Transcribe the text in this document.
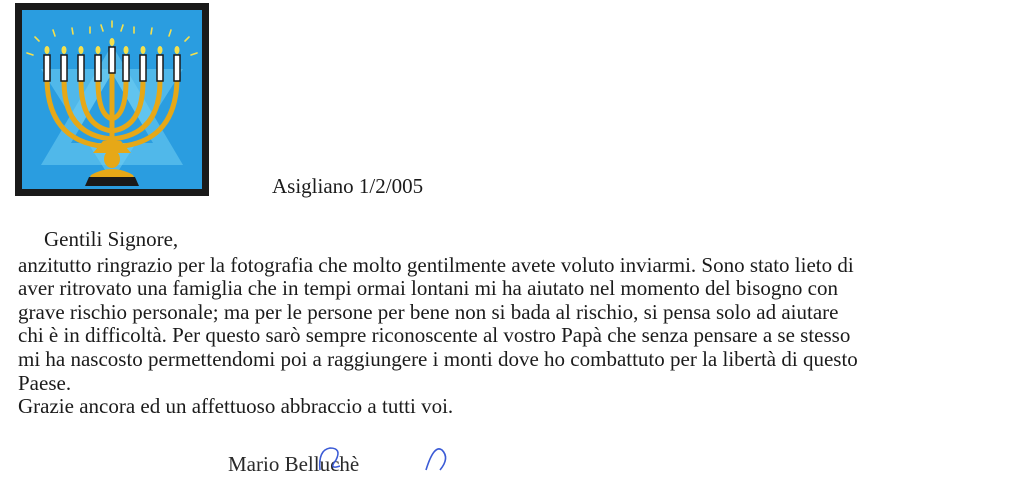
Asigliano 1/2/005

Gentili Signore,

anzitutto ringrazio per la fotografia che molto gentilmente avete voluto inviarmi. Sono stato lieto di

aver ritrovato una famiglia che in tempi ormai lontani mi ha aiutato nel momento del bisogno con

grave rischio personale; ma per le persone per bene non si bada al rischio, si pensa solo ad aiutare

chi è in difficoltà. Per questo sarò sempre riconoscente al vostro Papà che senza pensare a se stesso

mi ha nascosto permettendomi poi a raggiungere i monti dove ho combattuto per la libertà di questo

Paese.

Grazie ancora ed un affettuoso abbraccio a tutti voi.

Mario Belluchè
